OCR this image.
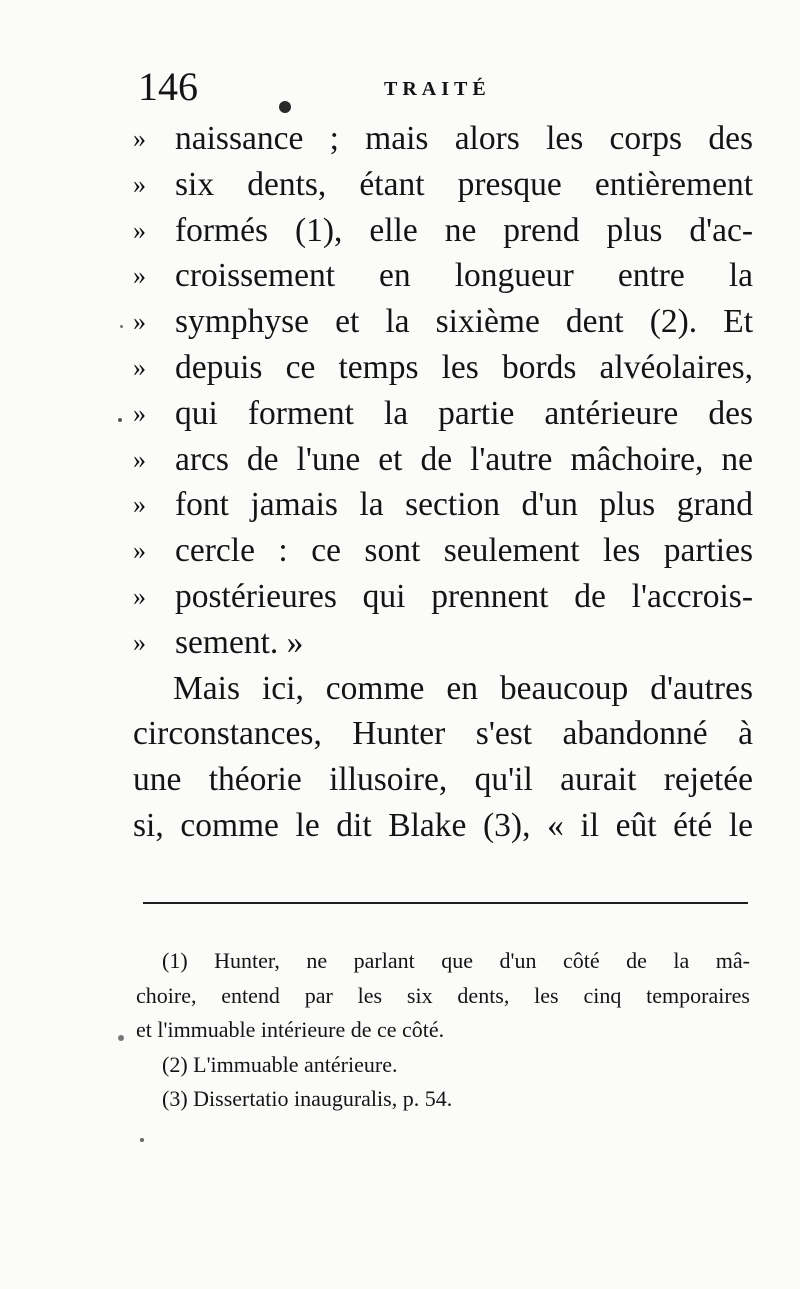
146	TRAITÉ
» naissance ; mais alors les corps des
» six dents, étant presque entièrement
» formés (1), elle ne prend plus d'ac-
» croissement en longueur entre la
» symphyse et la sixième dent (2). Et
» depuis ce temps les bords alvéolaires,
» qui forment la partie antérieure des
» arcs de l'une et de l'autre mâchoire, ne
» font jamais la section d'un plus grand
» cercle : ce sont seulement les parties
» postérieures qui prennent de l'accrois-
» sement. »
Mais ici, comme en beaucoup d'autres
circonstances, Hunter s'est abandonné à
une théorie illusoire, qu'il aurait rejetée
si, comme le dit Blake (3), « il eût été le
(1) Hunter, ne parlant que d'un côté de la mâ-
choire, entend par les six dents, les cinq temporaires
et l'immuable intérieure de ce côté.
(2) L'immuable antérieure.
(3) Dissertatio inauguralis, p. 54.
